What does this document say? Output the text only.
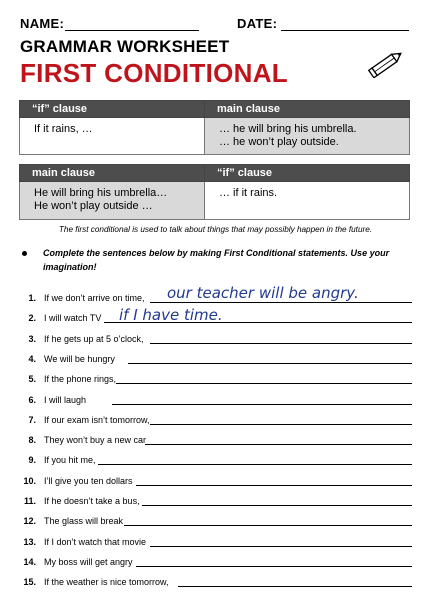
NAME:	DATE:
GRAMMAR WORKSHEET
FIRST CONDITIONAL
“if” clause	main clause
If it rains, …	… he will bring his umbrella.
… he won’t play outside.
main clause	“if” clause

He will bring his umbrella…
He won’t play outside …	… if it rains.
The first conditional is used to talk about things that may possibly happen in the future.
Complete the sentences below by making First Conditional statements. Use your
imagination!
1. If we don’t arrive on time, our teacher will be angry.
2. I will watch TV if I have time.
3. If he gets up at 5 o’clock,
4. We will be hungry
5. If the phone rings,
6. I will laugh
7. If our exam isn’t tomorrow,
8. They won’t buy a new car
9. If you hit me,
10. I’ll give you ten dollars
11. If he doesn’t take a bus,
12. The glass will break
13. If I don’t watch that movie
14. My boss will get angry
15. If the weather is nice tomorrow,
